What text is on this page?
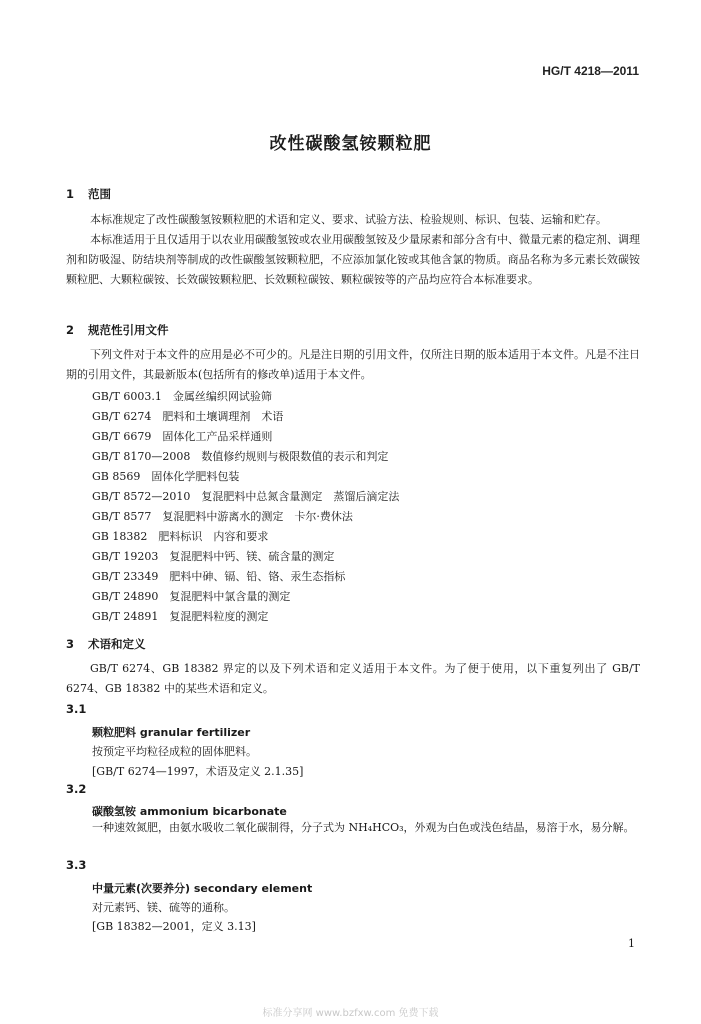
HG/T 4218—2011
改性碳酸氢铵颗粒肥
1 范围
本标准规定了改性碳酸氢铵颗粒肥的术语和定义、要求、试验方法、检验规则、标识、包装、运输和贮存。
本标准适用于且仅适用于以农业用碳酸氢铵或农业用碳酸氢铵及少量尿素和部分含有中、微量元素的稳定剂、调理剂和防吸湿、防结块剂等制成的改性碳酸氢铵颗粒肥，不应添加氯化铵或其他含氯的物质。商品名称为多元素长效碳铵颗粒肥、大颗粒碳铵、长效碳铵颗粒肥、长效颗粒碳铵、颗粒碳铵等的产品均应符合本标准要求。
2 规范性引用文件
下列文件对于本文件的应用是必不可少的。凡是注日期的引用文件，仅所注日期的版本适用于本文件。凡是不注日期的引用文件，其最新版本(包括所有的修改单)适用于本文件。
GB/T 6003.1　金属丝编织网试验筛
GB/T 6274　肥料和土壤调理剂　术语
GB/T 6679　固体化工产品采样通则
GB/T 8170—2008　数值修约规则与极限数值的表示和判定
GB 8569　固体化学肥料包装
GB/T 8572—2010　复混肥料中总氮含量测定　蒸馏后滴定法
GB/T 8577　复混肥料中游离水的测定　卡尔·费休法
GB 18382　肥料标识　内容和要求
GB/T 19203　复混肥料中钙、镁、硫含量的测定
GB/T 23349　肥料中砷、镉、铅、铬、汞生态指标
GB/T 24890　复混肥料中氯含量的测定
GB/T 24891　复混肥料粒度的测定
3 术语和定义
GB/T 6274、GB 18382 界定的以及下列术语和定义适用于本文件。为了便于使用，以下重复列出了 GB/T 6274、GB 18382 中的某些术语和定义。
3.1
颗粒肥料 granular fertilizer
按预定平均粒径成粒的固体肥料。
[GB/T 6274—1997，术语及定义 2.1.35]
3.2
碳酸氢铵 ammonium bicarbonate
一种速效氮肥，由氨水吸收二氧化碳制得，分子式为 NH₄HCO₃，外观为白色或浅色结晶，易溶于水，易分解。
3.3
中量元素(次要养分) secondary element
对元素钙、镁、硫等的通称。
[GB 18382—2001，定义 3.13]
1
标准分享网 www.bzfxw.com 免费下载
